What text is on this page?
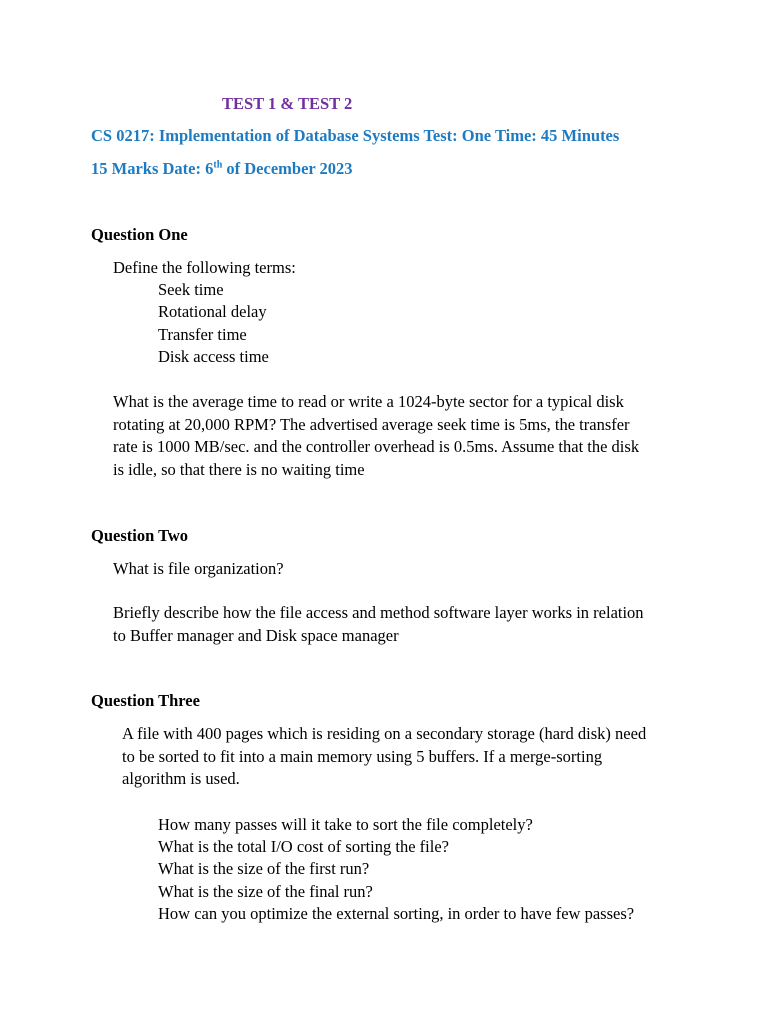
TEST 1 & TEST 2
CS 0217: Implementation of Database Systems Test: One Time: 45 Minutes
15 Marks Date: 6th of December 2023
Question One
Define the following terms:
Seek time
Rotational delay
Transfer time
Disk access time
What is the average time to read or write a 1024-byte sector for a typical disk
rotating at 20,000 RPM? The advertised average seek time is 5ms, the transfer
rate is 1000 MB/sec. and the controller overhead is 0.5ms. Assume that the disk
is idle, so that there is no waiting time
Question Two
What is file organization?
Briefly describe how the file access and method software layer works in relation
to Buffer manager and Disk space manager
Question Three
A file with 400 pages which is residing on a secondary storage (hard disk) need
to be sorted to fit into a main memory using 5 buffers. If a merge-sorting
algorithm is used.
How many passes will it take to sort the file completely?
What is the total I/O cost of sorting the file?
What is the size of the first run?
What is the size of the final run?
How can you optimize the external sorting, in order to have few passes?
